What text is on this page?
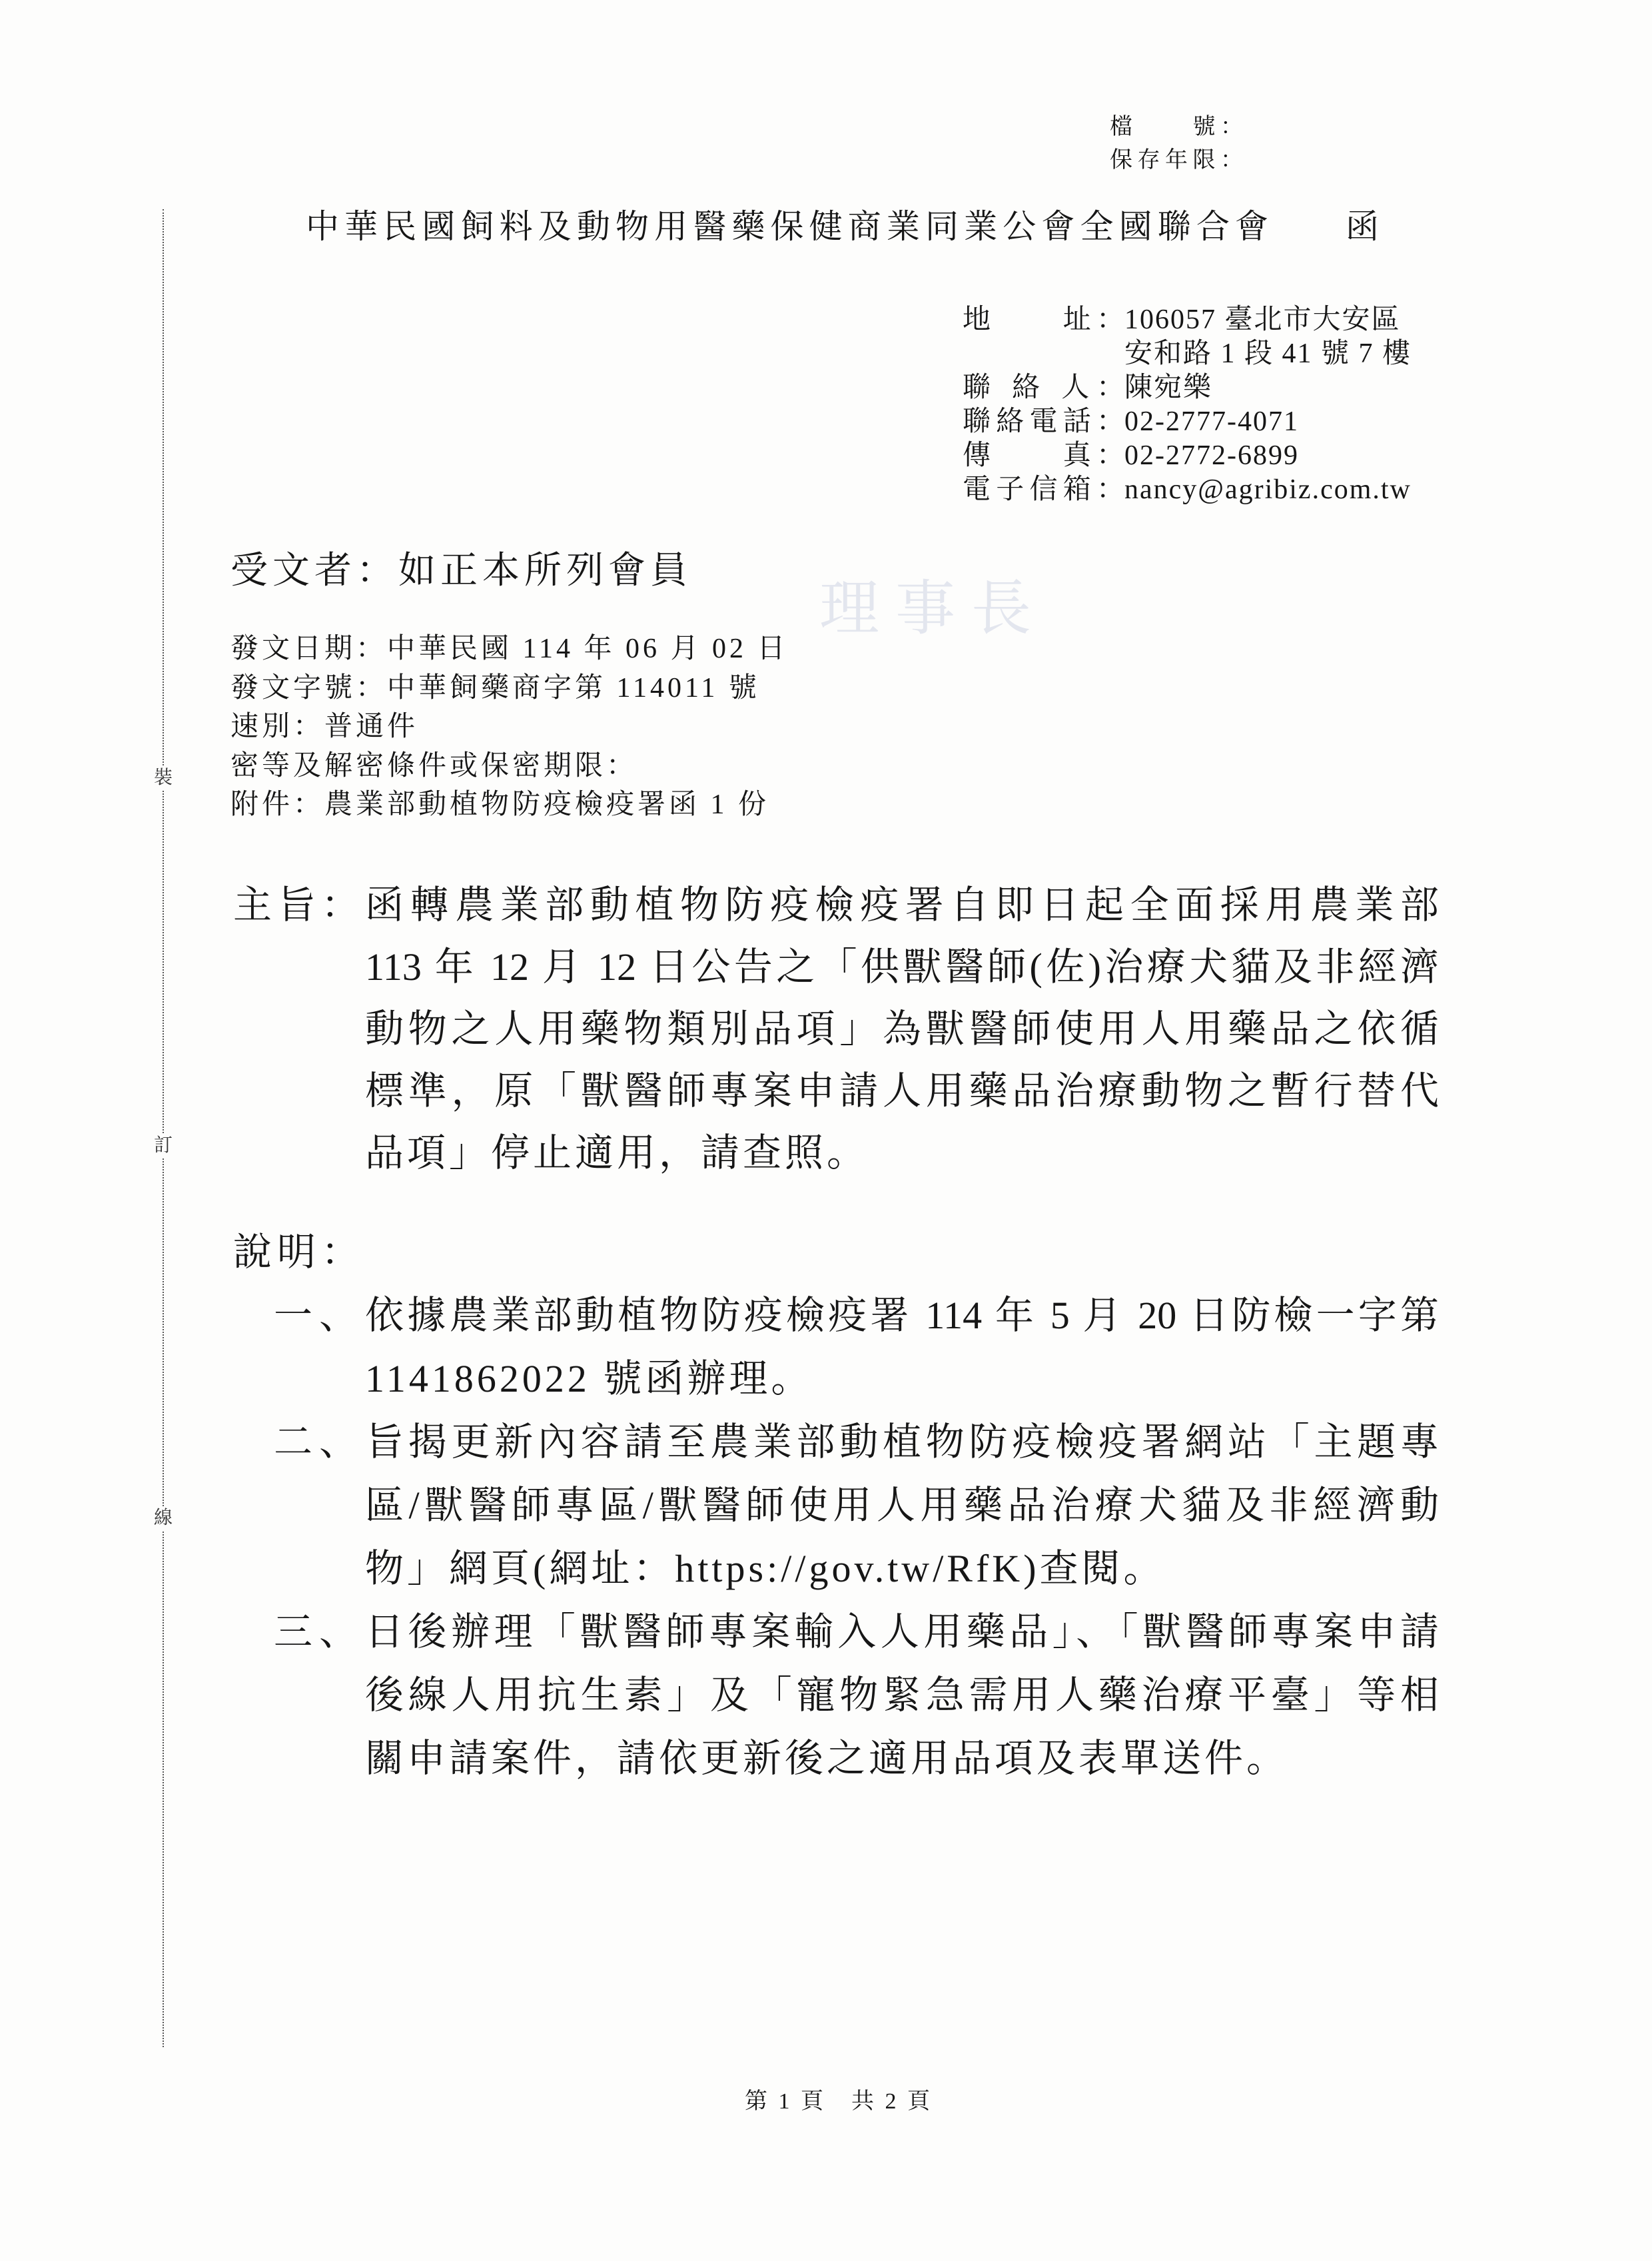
理事長
裝
訂
線
檔　　號：
保存年限：
中華民國飼料及動物用醫藥保健商業同業公會全國聯合會 函
地　　址：106057 臺北市大安區
安和路 1 段 41 號 7 樓
聯 絡 人：陳宛樂
聯絡電話：02-2777-4071
傳　　真：02-2772-6899
電子信箱：nancy@agribiz.com.tw
受文者：如正本所列會員
發文日期：中華民國 114 年 06 月 02 日
發文字號：中華飼藥商字第 114011 號
速別：普通件
密等及解密條件或保密期限：
附件：農業部動植物防疫檢疫署函 1 份
主旨： 函轉農業部動植物防疫檢疫署自即日起全面採用農業部
113 年 12 月 12 日公告之「供獸醫師(佐)治療犬貓及非經濟
動物之人用藥物類別品項」為獸醫師使用人用藥品之依循
標準，原「獸醫師專案申請人用藥品治療動物之暫行替代
品項」停止適用，請查照。
說明：
一、 依據農業部動植物防疫檢疫署 114 年 5 月 20 日防檢一字第
1141862022 號函辦理。
二、 旨揭更新內容請至農業部動植物防疫檢疫署網站「主題專
區/獸醫師專區/獸醫師使用人用藥品治療犬貓及非經濟動
物」網頁(網址：https://gov.tw/RfK)查閱。
三、 日後辦理「獸醫師專案輸入人用藥品」、「獸醫師專案申請
後線人用抗生素」及「寵物緊急需用人藥治療平臺」等相
關申請案件，請依更新後之適用品項及表單送件。
第 1 頁　共 2 頁
